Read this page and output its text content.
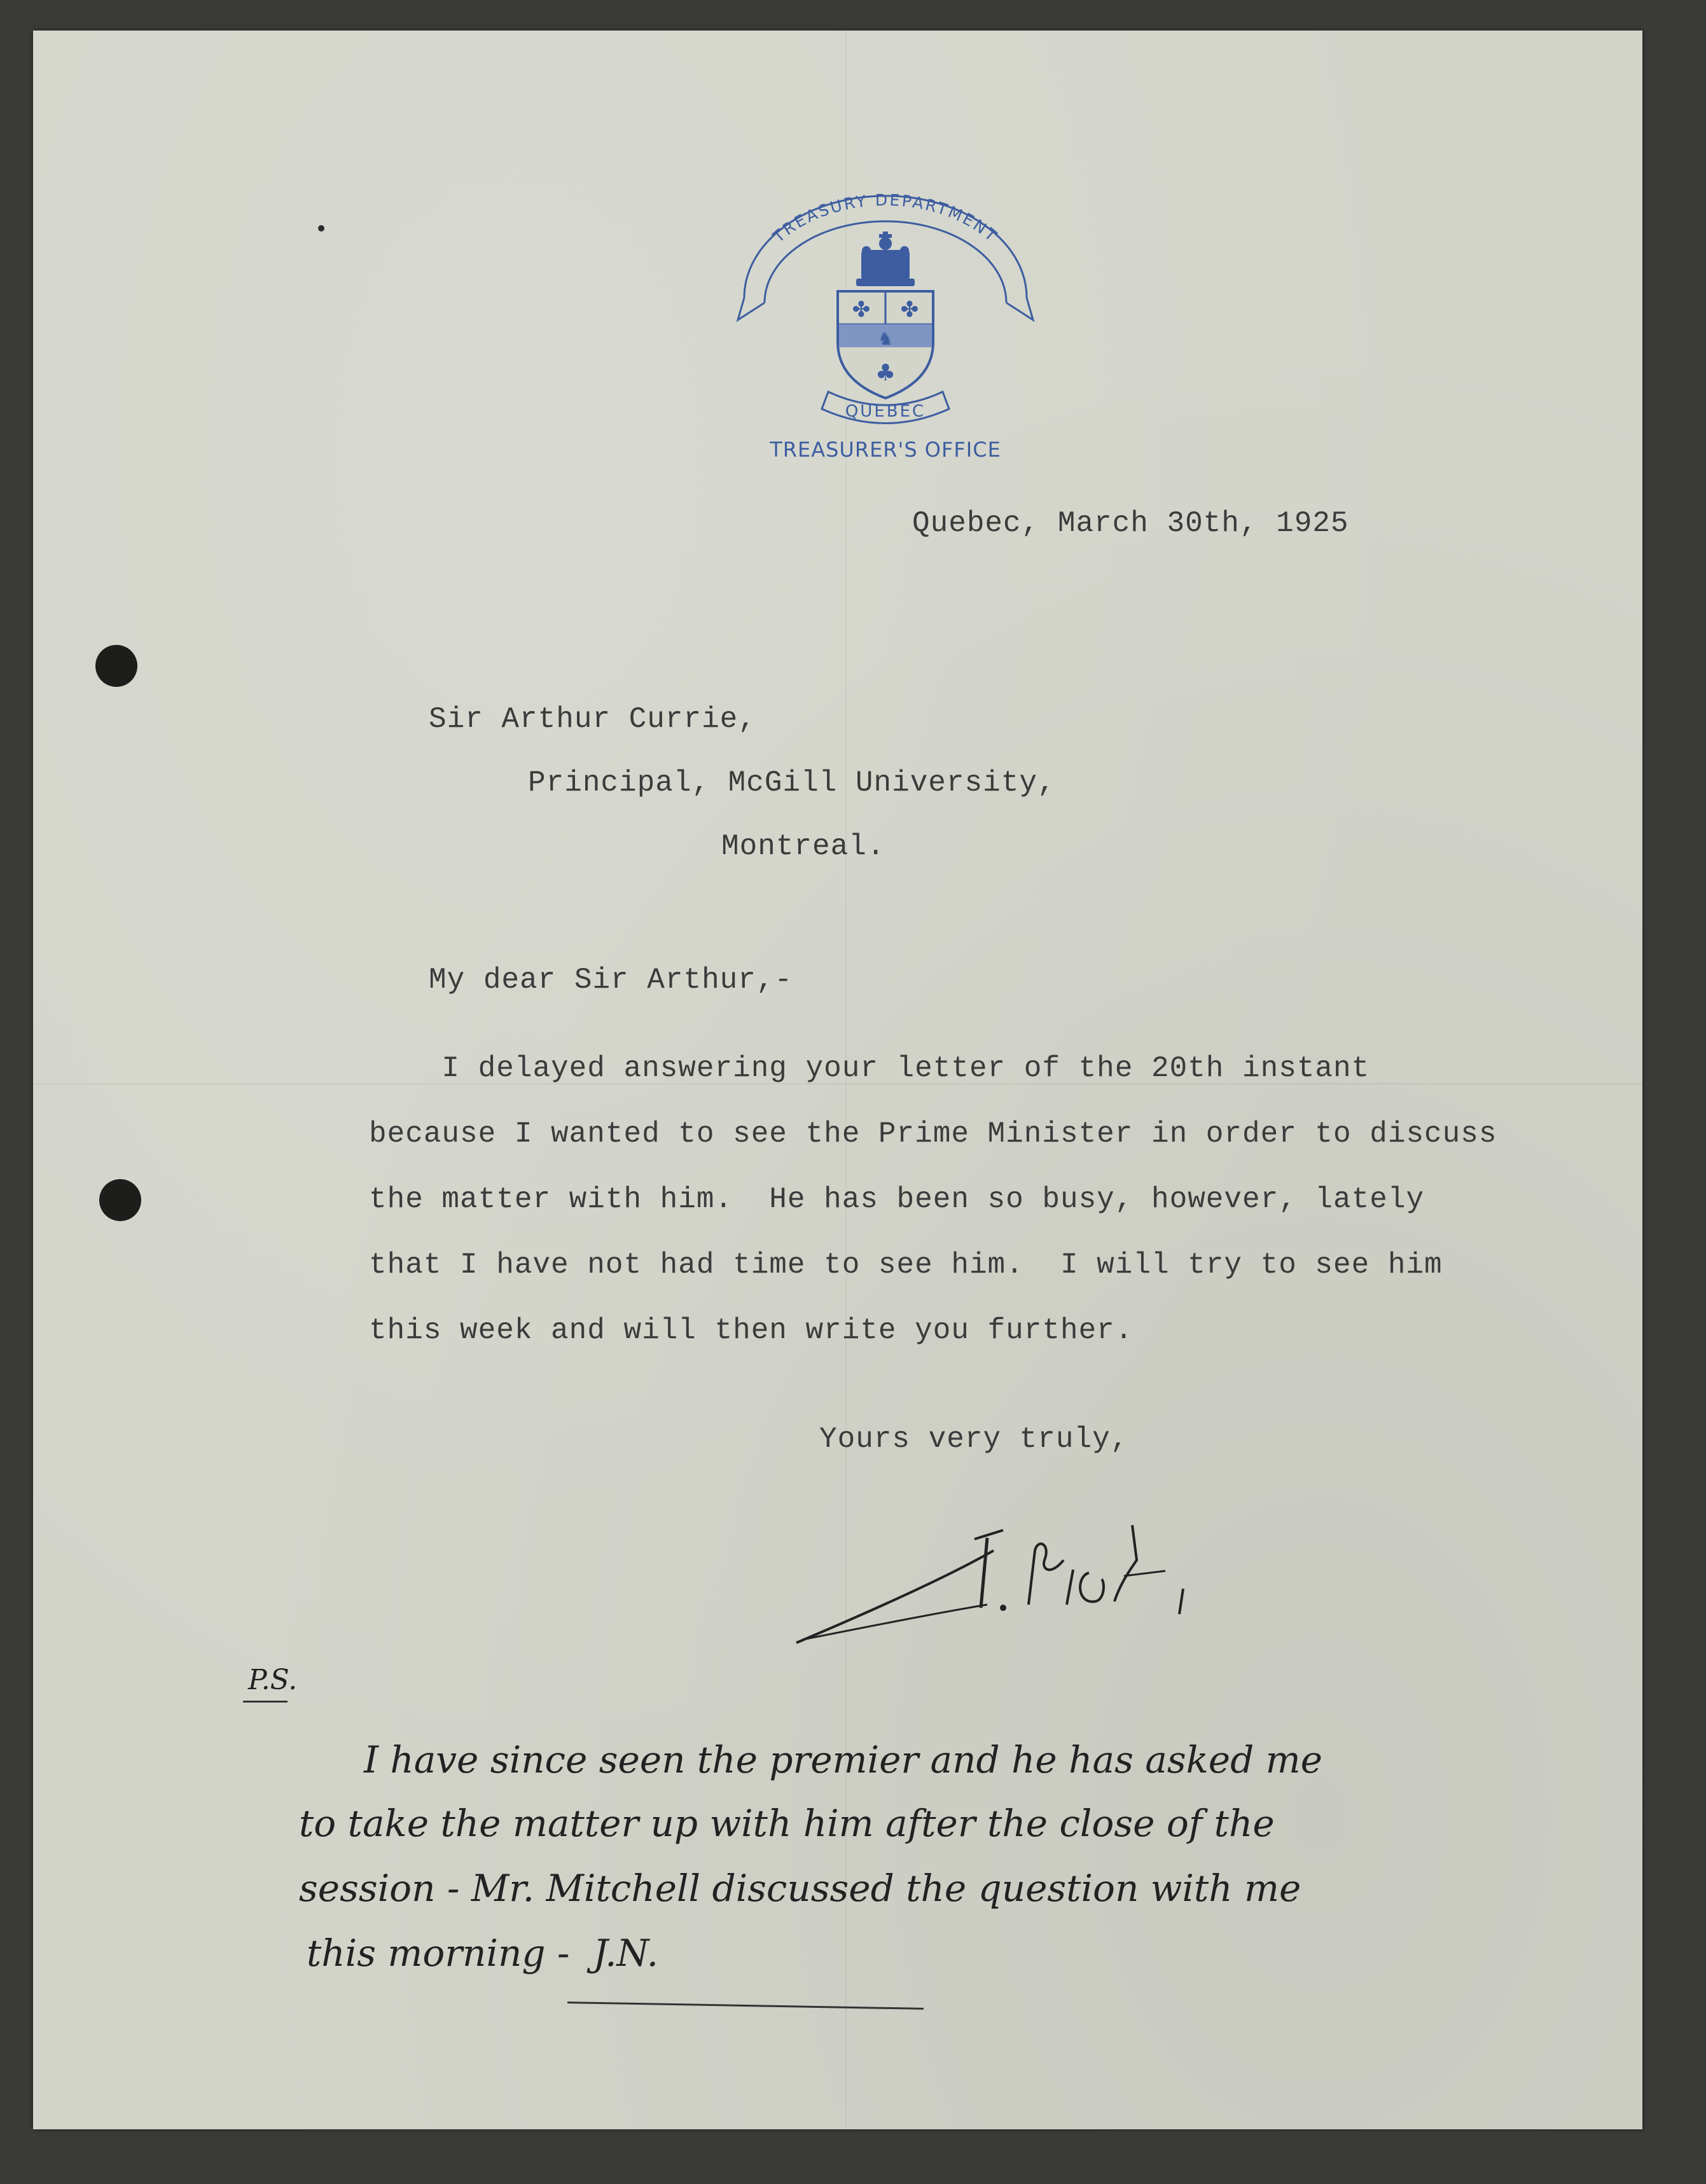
TREASURY DEPARTMENT
✤ ✤
♞
♣
QUEBEC
TREASURER'S OFFICE
Quebec, March 30th, 1925
Sir Arthur Currie,
Principal, McGill University,
Montreal.
My dear Sir Arthur,-
I delayed answering your letter of the 20th instant
because I wanted to see the Prime Minister in order to discuss
the matter with him.  He has been so busy, however, lately
that I have not had time to see him.  I will try to see him
this week and will then write you further.
Yours very truly,
P.S.
I have since seen the premier and he has asked me
to take the matter up with him after the close of the
session - Mr. Mitchell discussed the question with me
this morning -  J.N.
